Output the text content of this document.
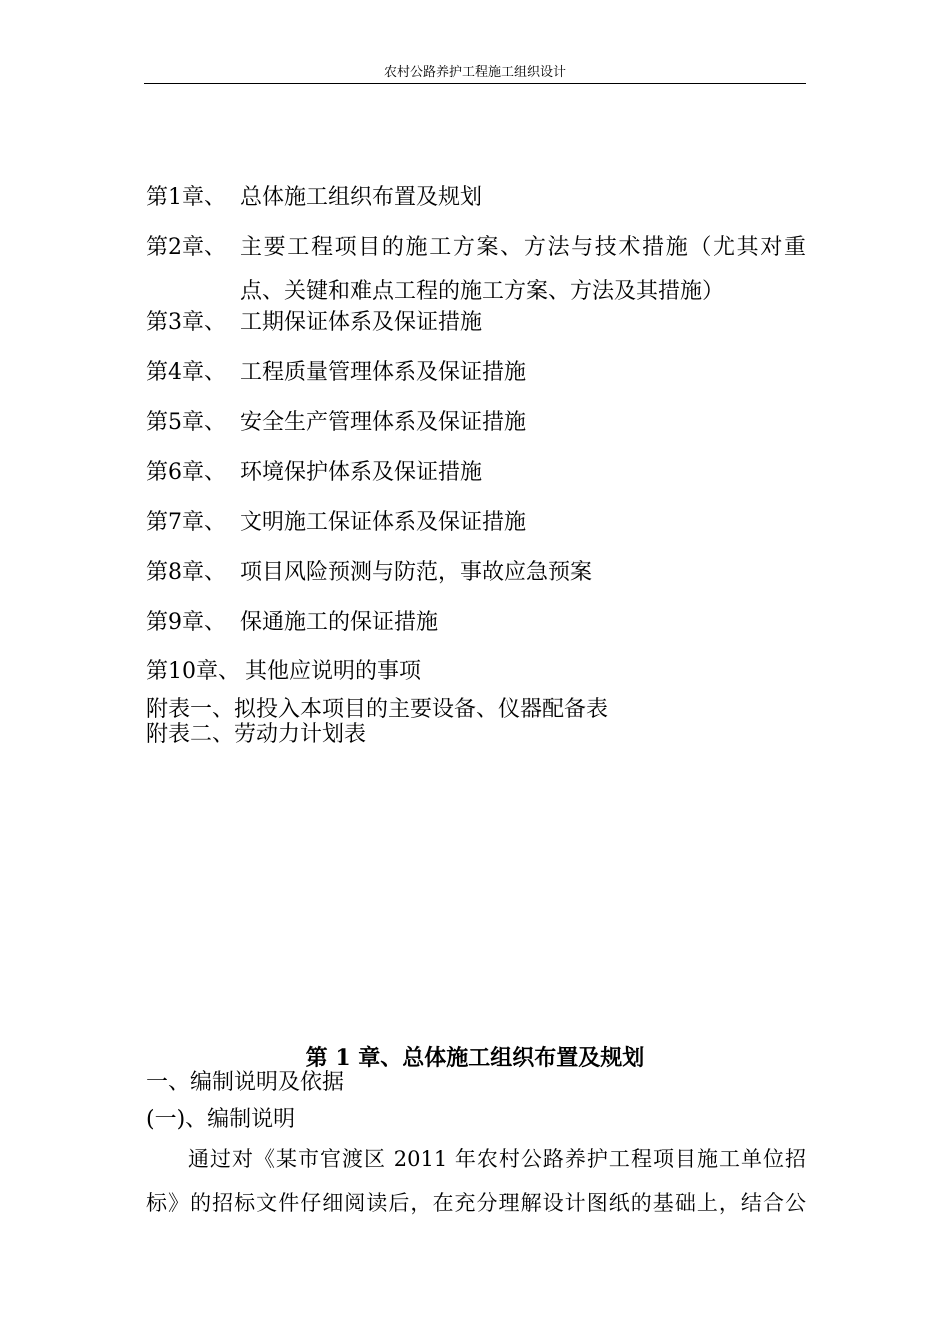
农村公路养护工程施工组织设计
第1章、 总体施工组织布置及规划
第2章、 主要工程项目的施工方案、方法与技术措施（尤其对重点、关键和难点工程的施工方案、方法及其措施）
第3章、 工期保证体系及保证措施
第4章、 工程质量管理体系及保证措施
第5章、 安全生产管理体系及保证措施
第6章、 环境保护体系及保证措施
第7章、 文明施工保证体系及保证措施
第8章、 项目风险预测与防范，事故应急预案
第9章、 保通施工的保证措施
第10章、 其他应说明的事项
附表一、拟投入本项目的主要设备、仪器配备表
附表二、劳动力计划表
第 1 章、总体施工组织布置及规划
一、编制说明及依据
(一)、编制说明
通过对《某市官渡区 2011 年农村公路养护工程项目施工单位招标》的招标文件仔细阅读后，在充分理解设计图纸的基础上，结合公
